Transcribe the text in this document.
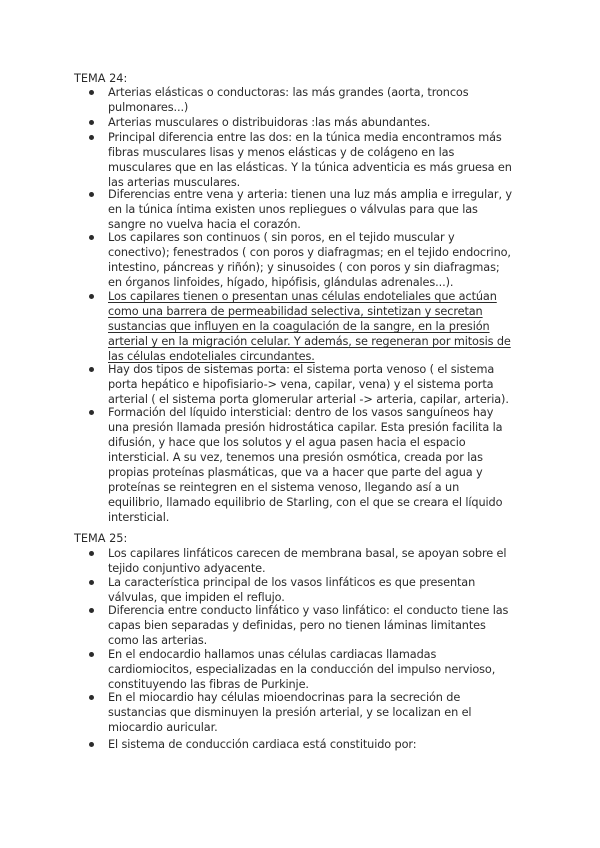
TEMA 24:
Arterias elásticas o conductoras: las más grandes (aorta, troncos
pulmonares...)
Arterias musculares o distribuidoras :las más abundantes.
Principal diferencia entre las dos: en la túnica media encontramos más
fibras musculares lisas y menos elásticas y de colágeno en las
musculares que en las elásticas. Y la túnica adventicia es más gruesa en
las arterias musculares.
Diferencias entre vena y arteria: tienen una luz más amplia e irregular, y
en la túnica íntima existen unos repliegues o válvulas para que las
sangre no vuelva hacia el corazón.
Los capilares son continuos ( sin poros, en el tejido muscular y
conectivo); fenestrados ( con poros y diafragmas; en el tejido endocrino,
intestino, páncreas y riñón); y sinusoides ( con poros y sin diafragmas;
en órganos linfoides, hígado, hipófisis, glándulas adrenales...).
Los capilares tienen o presentan unas células endoteliales que actúan
como una barrera de permeabilidad selectiva, sintetizan y secretan
sustancias que influyen en la coagulación de la sangre, en la presión
arterial y en la migración celular. Y además, se regeneran por mitosis de
las células endoteliales circundantes.
Hay dos tipos de sistemas porta: el sistema porta venoso ( el sistema
porta hepático e hipofisiario-> vena, capilar, vena) y el sistema porta
arterial ( el sistema porta glomerular arterial -> arteria, capilar, arteria).
Formación del líquido intersticial: dentro de los vasos sanguíneos hay
una presión llamada presión hidrostática capilar. Esta presión facilita la
difusión, y hace que los solutos y el agua pasen hacia el espacio
intersticial. A su vez, tenemos una presión osmótica, creada por las
propias proteínas plasmáticas, que va a hacer que parte del agua y
proteínas se reintegren en el sistema venoso, llegando así a un
equilibrio, llamado equilibrio de Starling, con el que se creara el líquido
intersticial.
TEMA 25:
Los capilares linfáticos carecen de membrana basal, se apoyan sobre el
tejido conjuntivo adyacente.
La característica principal de los vasos linfáticos es que presentan
válvulas, que impiden el reflujo.
Diferencia entre conducto linfático y vaso linfático: el conducto tiene las
capas bien separadas y definidas, pero no tienen láminas limitantes
como las arterias.
En el endocardio hallamos unas células cardiacas llamadas
cardiomiocitos, especializadas en la conducción del impulso nervioso,
constituyendo las fibras de Purkinje.
En el miocardio hay células mioendocrinas para la secreción de
sustancias que disminuyen la presión arterial, y se localizan en el
miocardio auricular.
El sistema de conducción cardiaca está constituido por:
